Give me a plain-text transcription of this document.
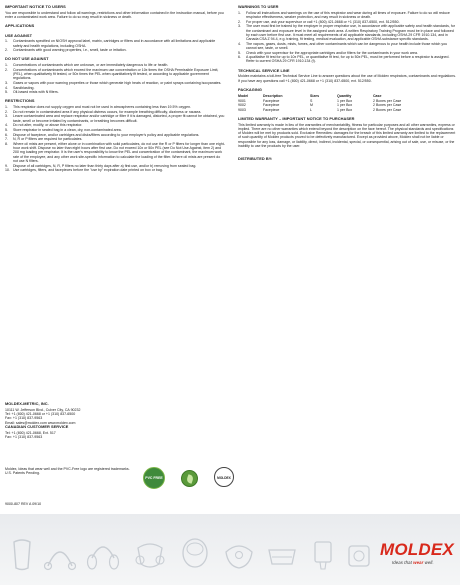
IMPORTANT NOTICE TO USERS

You are responsible to understand and follow all warnings, restrictions and other information contained in the instruction manual, before you enter a contaminated work area. Failure to do so may result in sickness or death.

APPLICATIONS
USE AGAINST
1. Contaminants specified on NIOSH approval label, matrix, cartridges or filters and in accordance with all limitations and applicable safety and health regulations, including OSHA.
2. Contaminants with good warning properties, i.e., smell, taste or irritation.
DO NOT USE AGAINST
1. Concentrations of contaminants which are unknown, or are immediately dangerous to life or health.
2. Concentrations of contaminants which exceed the maximum use concentration or 10x times the OSHA Permissible Exposure Limit, (PEL), when qualitatively fit tested, or 50x times the PEL when quantitatively fit tested, or according to applicable government regulations.
3. Gases or vapors with poor warning properties or those which generate high heats of reaction, or paint sprays containing isocyanates.
4. Sandblasting.
5. Oil-based mists with N filters.
RESTRICTIONS
1. This respirator does not supply oxygen and must not be used in atmospheres containing less than 19.5% oxygen.
2. Do not remain in contaminated area if any physical distress occurs, for example breathing difficulty, dizziness or nausea.
3. Leave contaminated area and replace respirator and/or cartridge or filter if it is damaged, distorted, a proper fit cannot be obtained, you taste, smell or become irritated by contaminants, or breathing becomes difficult.
4. Do not alter, modify, or abuse this respirator.
5. Store respirator in sealed bag in a clean, dry, non-contaminated area.
6. Dispose of facepiece, and/or cartridges and disks/filters according to your employer's policy and applicable regulations.
7. N, R or P filters are required for particulates.
8. Where oil mists are present, either alone or in combination with solid particulates, do not use the R or P filters for longer than one eight-hour work shift. Dispose no later than eight hours after first use. Do not exceed 10x or 50x PEL (see Do Not Use Against, item 2) and 200 mg loading per respirator. It is the user's responsibility to know the PEL and concentration of the contaminant, the maximum work rate of the employee, and any other work site-specific information to calculate the loading of the filter. Where oil mists are present do not use N filters.
9. Dispose of all cartridges, N, R, P filters no later than thirty days after a) first use, and/or b) removing from sealed bag.
10. Use cartridges, filters, and facepieces before the "use by" expiration date printed on box or bag.
WARNINGS TO USER
1. Follow all instructions and warnings on the use of this respirator and wear during all times of exposure. Failure to do so will reduce respirator effectiveness, weaker protection, and may result in sickness or death.
2. For proper use, ask your supervisor or call +1 (800) 421-0668 or +1 (310) 837-6500, ext. 512/550.
3. The user must first be trained by the employer in proper respirator use, in accordance with applicable safety and health standards, for the contaminant and exposure level in the assigned work area. A written Respiratory Training Program must be in place and followed by each user before first use. It must meet all requirements of all applicable standards, including OSHA 29 CFR 1910.134, and in Canada CSA Z 94.4, e.g. training, fit testing, medical evaluation, and applicable OSHA substance specific standards.
4. The vapors, gases, dusts, mists, fumes, and other contaminants which can be dangerous to your health include those which you cannot see, taste, or smell.
5. Check with your supervisor for the appropriate cartridges and/or filters for the contaminants in your work area.
6. A qualitative fit test for up to 10x PEL, or quantitative fit test, for up to 50x PEL, must be performed before a respirator is assigned. Refer to current OSHA 29 CFR 1910.134 (f).
TECHNICAL SERVICE LINE

Moldex maintains a toll-free Technical Service Line to answer questions about the use of Moldex respirators, contaminants and regulations. If you have any questions call +1 (800) 421-0668 or +1 (310) 837-6500, ext. 512/550.

PACKAGING
Model	Description	Sizes	Quantity	Case
9001	Facepiece	S	1 per Box	2 Boxes per Case
9002	Facepiece	M	1 per Box	2 Boxes per Case
9003	Facepiece	L	1 per Box	2 Boxes per Case
LIMITED WARRANTY – IMPORTANT NOTICE TO PURCHASER

This limited warranty is made in lieu of the warranties of merchantability, fitness for particular purposes and all other warranties, express or implied. There are no other warranties which extend beyond the description on the face hereof. The physical standards and specifications of Moldex will be met by products sold. Exclusive Remedies: damages for the breach of this limited warranty are limited to the replacement of such quantity of Moldex products proved to be defectively manufactured. Except as provided above, Moldex shall not be liable or responsible for any loss, damage, or liability, direct, indirect, incidental, special, or consequential, arising out of sale, use, or misuse, or the inability to use the products by the user.

DISTRIBUTED BY:
MOLDEX-METRIC, INC.
10111 W. Jefferson Blvd., Culver City, CA 90232
Tel: +1 (800) 421-0668 or +1 (310) 837-6500
Fax: +1 (310) 837-9563
Email: sales@moldex.com www.moldex.com
CANADIAN CUSTOMER SERVICE
Tel: +1 (800) 421-0668, Ext. 517
Fax: +1 (310) 837-9563
Moldex, Ideas that wear well and the PVC-Free logo are registered trademarks. U.S. Patents Pending.
PVC FREE	MOLDEX
9000-807 REV A 09/10
MOLDEX
Ideas that wear well.
